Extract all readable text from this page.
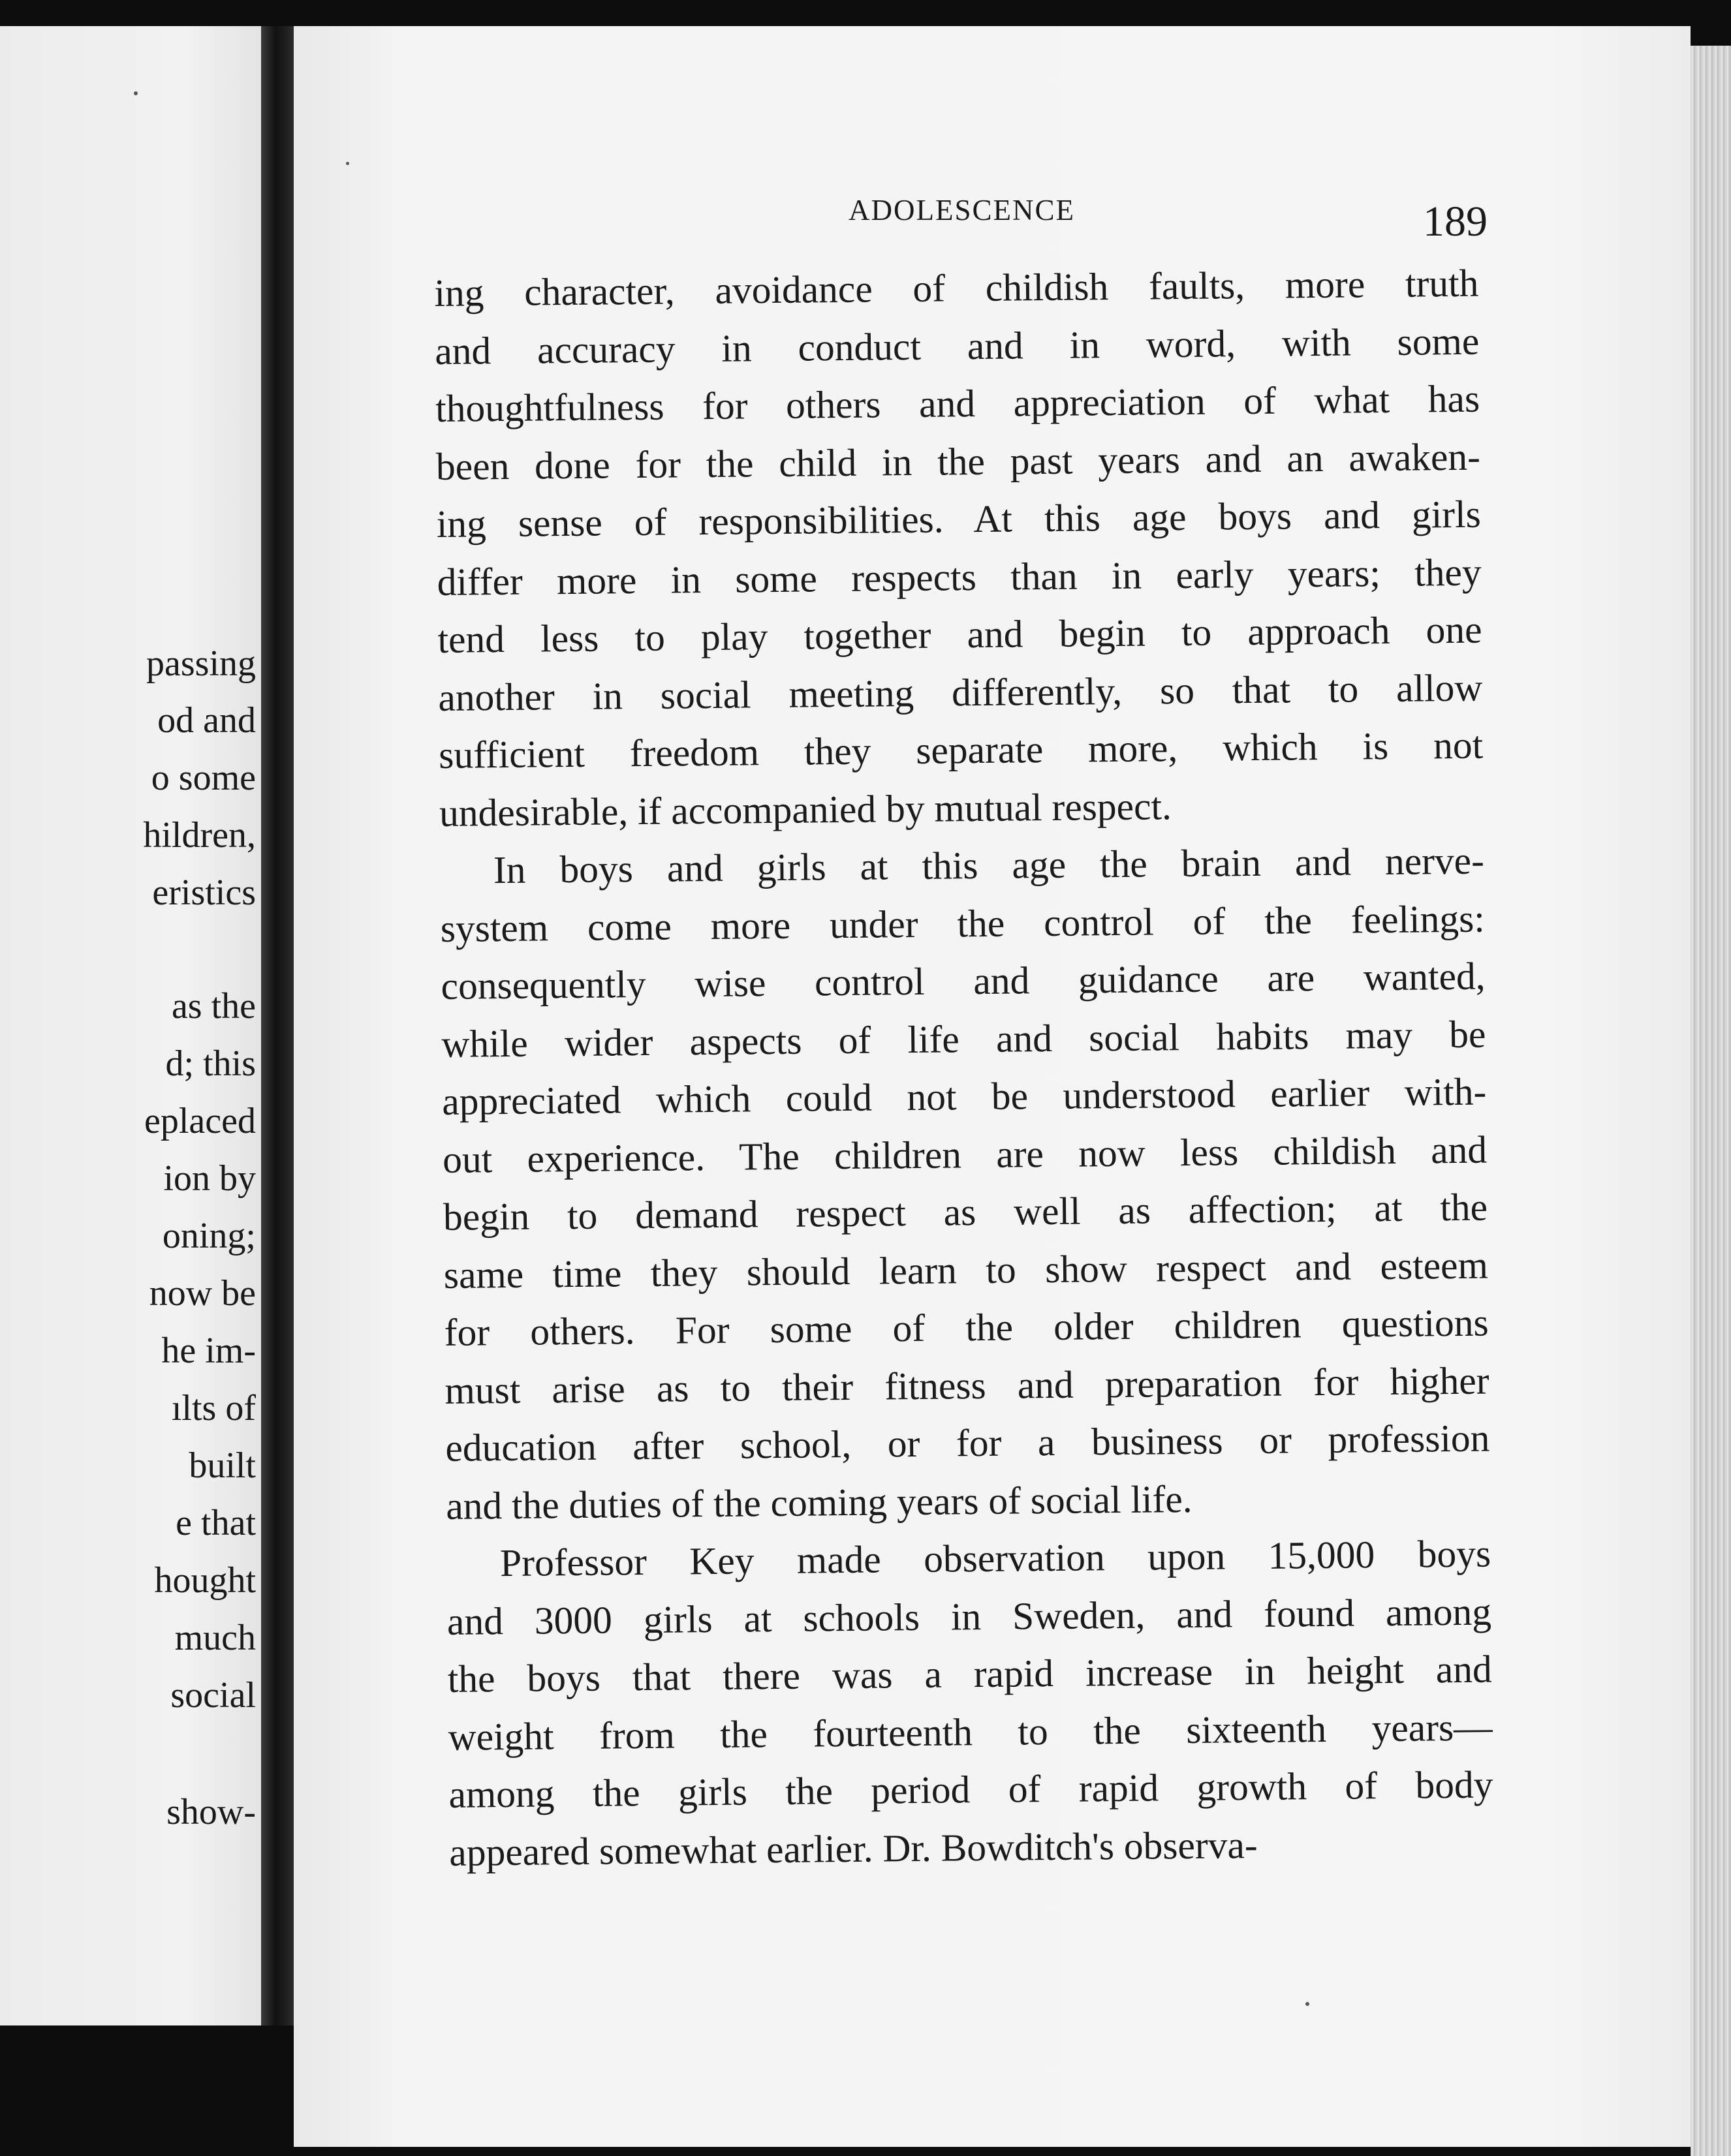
passing
od and
o some
hildren,
eristics
as the
d; this
eplaced
ion by
oning;
now be
he im-
ılts of
built
e that
hought
much
social
show-
ADOLESCENCE	189
ing character, avoidance of childish faults, more truth
and accuracy in conduct and in word, with some
thoughtfulness for others and appreciation of what has
been done for the child in the past years and an awaken-
ing sense of responsibilities. At this age boys and girls
differ more in some respects than in early years; they
tend less to play together and begin to approach one
another in social meeting differently, so that to allow
sufficient freedom they separate more, which is not
undesirable, if accompanied by mutual respect.
In boys and girls at this age the brain and nerve-
system come more under the control of the feelings:
consequently wise control and guidance are wanted,
while wider aspects of life and social habits may be
appreciated which could not be understood earlier with-
out experience. The children are now less childish and
begin to demand respect as well as affection; at the
same time they should learn to show respect and esteem
for others. For some of the older children questions
must arise as to their fitness and preparation for higher
education after school, or for a business or profession
and the duties of the coming years of social life.
Professor Key made observation upon 15,000 boys
and 3000 girls at schools in Sweden, and found among
the boys that there was a rapid increase in height and
weight from the fourteenth to the sixteenth years—
among the girls the period of rapid growth of body
appeared somewhat earlier. Dr. Bowditch's observa-
